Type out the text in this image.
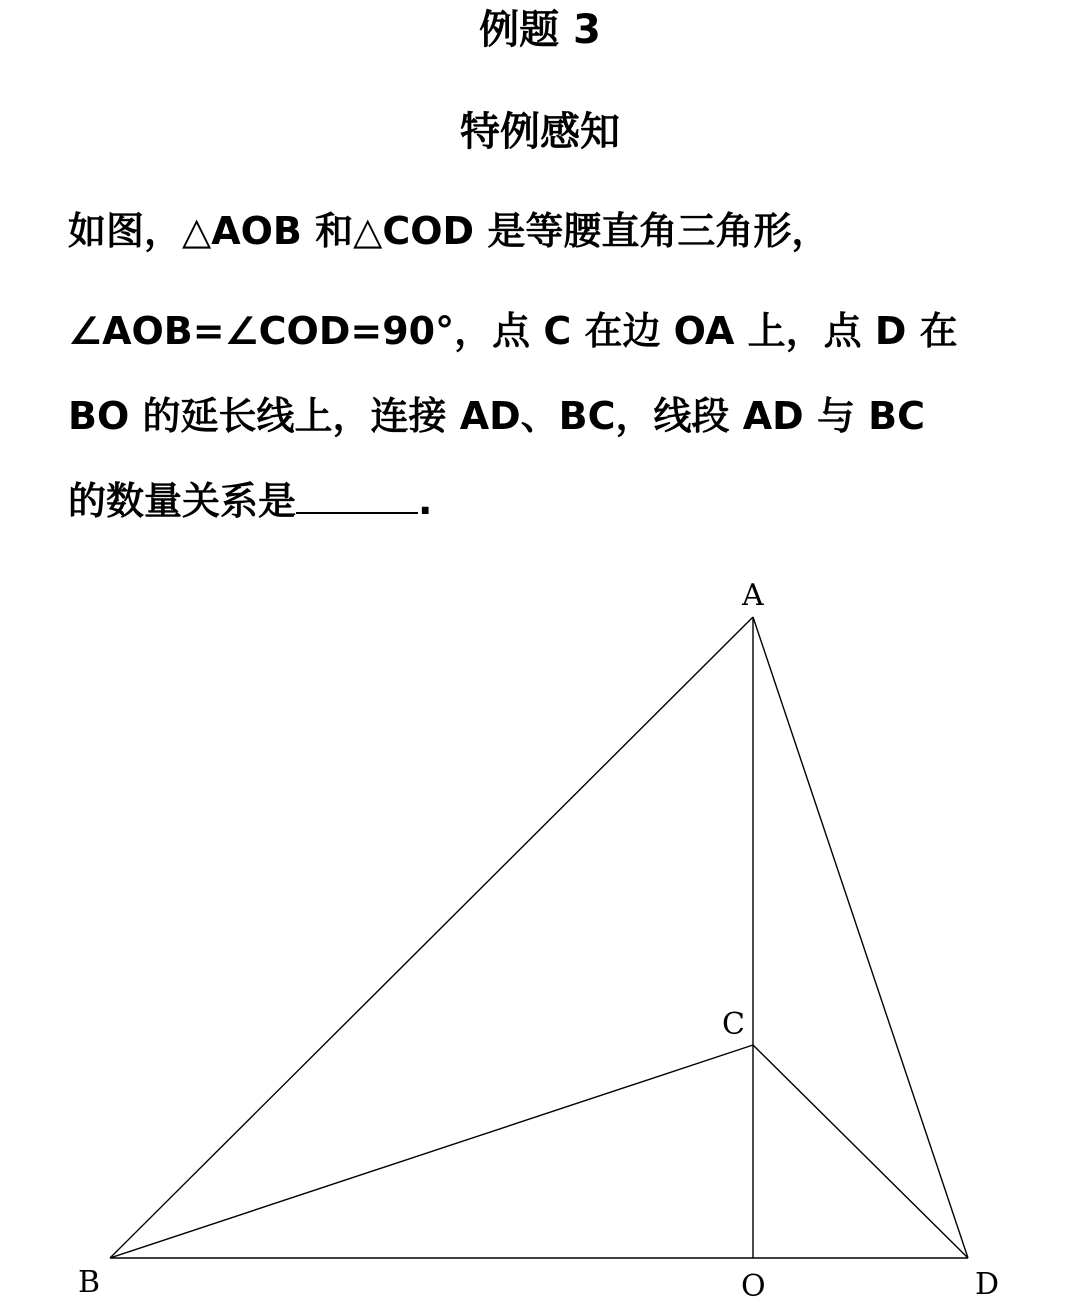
例题 3
特例感知
如图，△AOB 和△COD 是等腰直角三角形，
∠AOB=∠COD=90°，点 C 在边 OA 上，点 D 在
BO 的延长线上，连接 AD、BC，线段 AD 与 BC
的数量关系是	.
A
C
B	O	D
